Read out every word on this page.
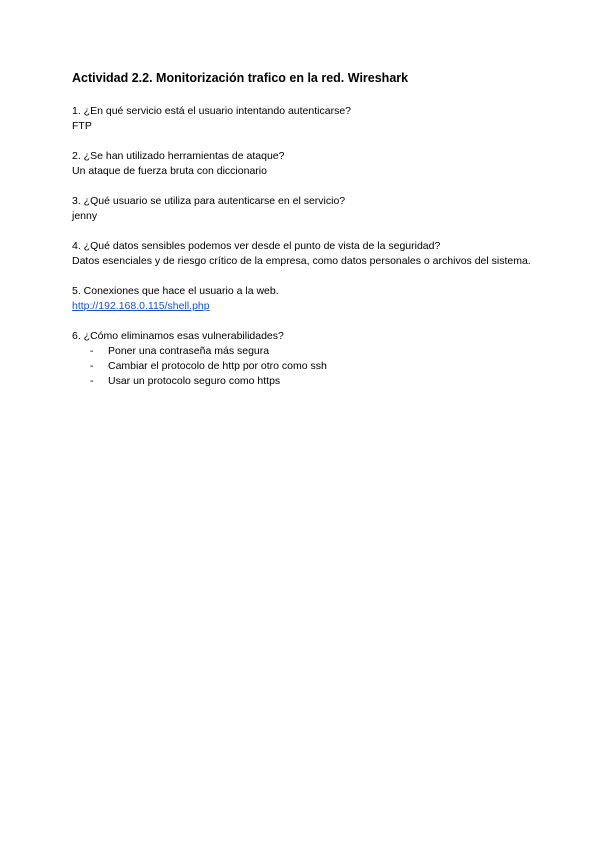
Actividad 2.2. Monitorización trafico en la red. Wireshark

1. ¿En qué servicio está el usuario intentando autenticarse?

FTP

2. ¿Se han utilizado herramientas de ataque?

Un ataque de fuerza bruta con diccionario

3. ¿Qué usuario se utiliza para autenticarse en el servicio?

jenny

4. ¿Qué datos sensibles podemos ver desde el punto de vista de la seguridad?

Datos esenciales y de riesgo crítico de la empresa, como datos personales o archivos del sistema.

5. Conexiones que hace el usuario a la web.

http://192.168.0.115/shell.php

6. ¿Cómo eliminamos esas vulnerabilidades?

- Poner una contraseña más segura
- Cambiar el protocolo de http por otro como ssh
- Usar un protocolo seguro como https
